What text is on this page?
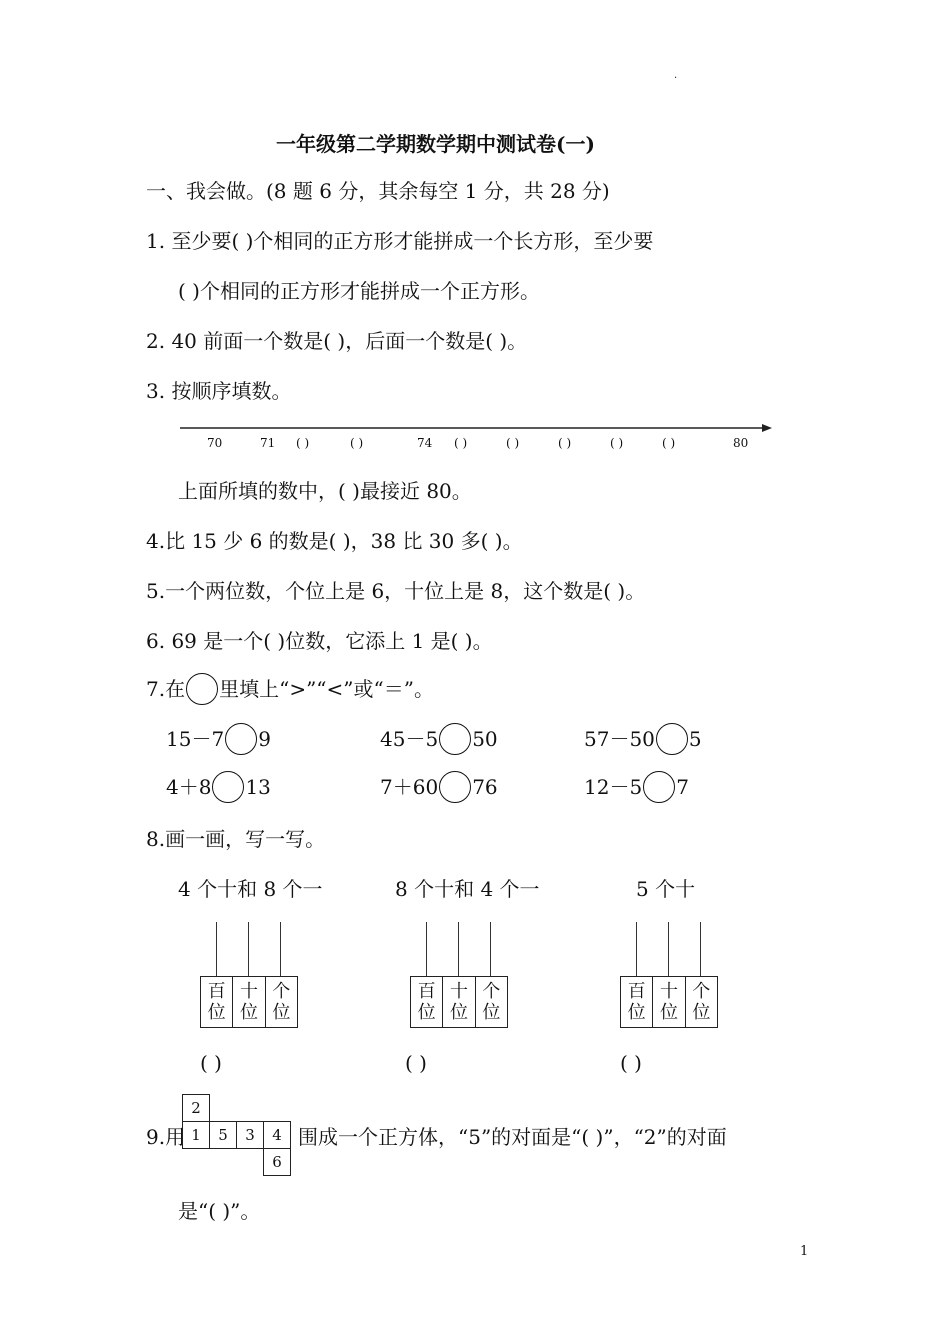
.
一年级第二学期数学期中测试卷(一)
一、我会做。(8 题 6 分，其余每空 1 分，共 28 分)
1. 至少要( )个相同的正方形才能拼成一个长方形，至少要
( )个相同的正方形才能拼成一个正方形。
2. 40 前面一个数是( )，后面一个数是( )。
3. 按顺序填数。
70	71 ( )	( )	74 ( )	( )	( )	( )	( )	80
上面所填的数中，( )最接近 80。
4.比 15 少 6 的数是( )，38 比 30 多( )。
5.一个两位数，个位上是 6，十位上是 8，这个数是( )。
6. 69 是一个( )位数，它添上 1 是( )。
7.在 里填上“>”“<”或“＝”。
15－7 9	45－5 50	57－50 5
4＋8 13	7＋60 76	12－5 7
8.画一画，写一写。
4 个十和 8 个一	8 个十和 4 个一	5 个十
百
位
十
位
个
位
百
位
十
位
个
位
百
位
十
位
个
位
( )	( )	( )
9.用
2
1	5	3	4
6
围成一个正方体，“5”的对面是“( )”，“2”的对面
是“( )”。
1
